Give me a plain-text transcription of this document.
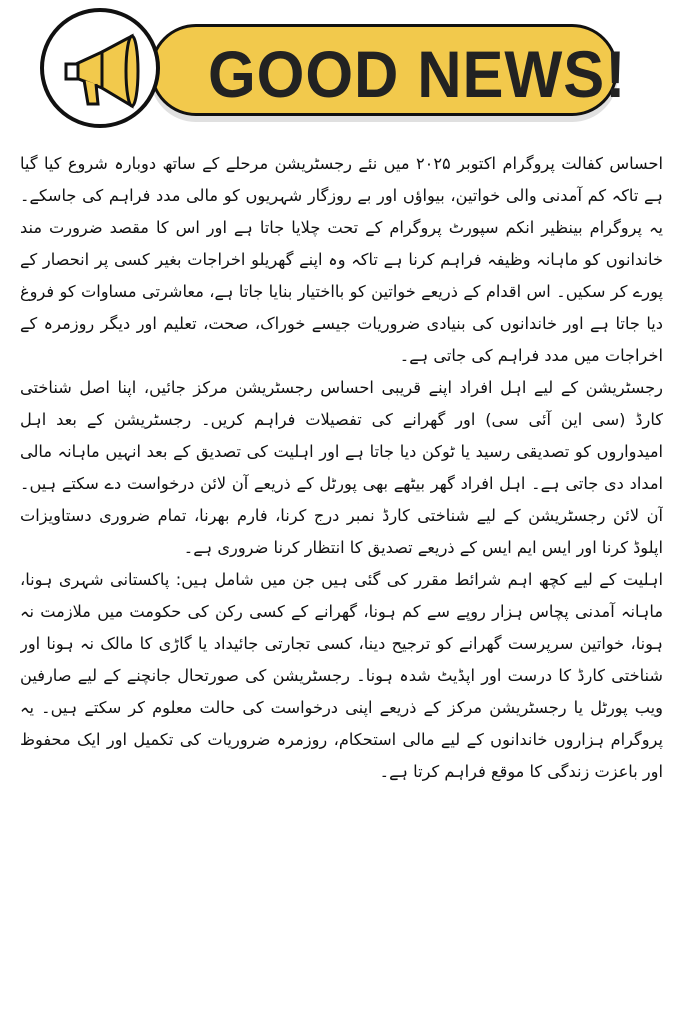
GOOD NEWS!

احساس کفالت پروگرام اکتوبر ۲۰۲۵ میں نئے رجسٹریشن مرحلے کے ساتھ دوبارہ شروع کیا گیا ہے تاکہ کم آمدنی والی خواتین، بیواؤں اور بے روزگار شہریوں کو مالی مدد فراہم کی جاسکے۔ یہ پروگرام بینظیر انکم سپورٹ پروگرام کے تحت چلایا جاتا ہے اور اس کا مقصد ضرورت مند خاندانوں کو ماہانہ وظیفہ فراہم کرنا ہے تاکہ وہ اپنے گھریلو اخراجات بغیر کسی پر انحصار کے پورے کر سکیں۔ اس اقدام کے ذریعے خواتین کو بااختیار بنایا جاتا ہے، معاشرتی مساوات کو فروغ دیا جاتا ہے اور خاندانوں کی بنیادی ضروریات جیسے خوراک، صحت، تعلیم اور دیگر روزمرہ کے اخراجات میں مدد فراہم کی جاتی ہے۔

رجسٹریشن کے لیے اہل افراد اپنے قریبی احساس رجسٹریشن مرکز جائیں، اپنا اصل شناختی کارڈ (سی این آئی سی) اور گھرانے کی تفصیلات فراہم کریں۔ رجسٹریشن کے بعد اہل امیدواروں کو تصدیقی رسید یا ٹوکن دیا جاتا ہے اور اہلیت کی تصدیق کے بعد انہیں ماہانہ مالی امداد دی جاتی ہے۔ اہل افراد گھر بیٹھے بھی پورٹل کے ذریعے آن لائن درخواست دے سکتے ہیں۔ آن لائن رجسٹریشن کے لیے شناختی کارڈ نمبر درج کرنا، فارم بھرنا، تمام ضروری دستاویزات اپلوڈ کرنا اور ایس ایم ایس کے ذریعے تصدیق کا انتظار کرنا ضروری ہے۔

اہلیت کے لیے کچھ اہم شرائط مقرر کی گئی ہیں جن میں شامل ہیں: پاکستانی شہری ہونا، ماہانہ آمدنی پچاس ہزار روپے سے کم ہونا، گھرانے کے کسی رکن کی حکومت میں ملازمت نہ ہونا، خواتین سرپرست گھرانے کو ترجیح دینا، کسی تجارتی جائیداد یا گاڑی کا مالک نہ ہونا اور شناختی کارڈ کا درست اور اپڈیٹ شدہ ہونا۔ رجسٹریشن کی صورتحال جانچنے کے لیے صارفین ویب پورٹل یا رجسٹریشن مرکز کے ذریعے اپنی درخواست کی حالت معلوم کر سکتے ہیں۔ یہ پروگرام ہزاروں خاندانوں کے لیے مالی استحکام، روزمرہ ضروریات کی تکمیل اور ایک محفوظ اور باعزت زندگی کا موقع فراہم کرتا ہے۔
